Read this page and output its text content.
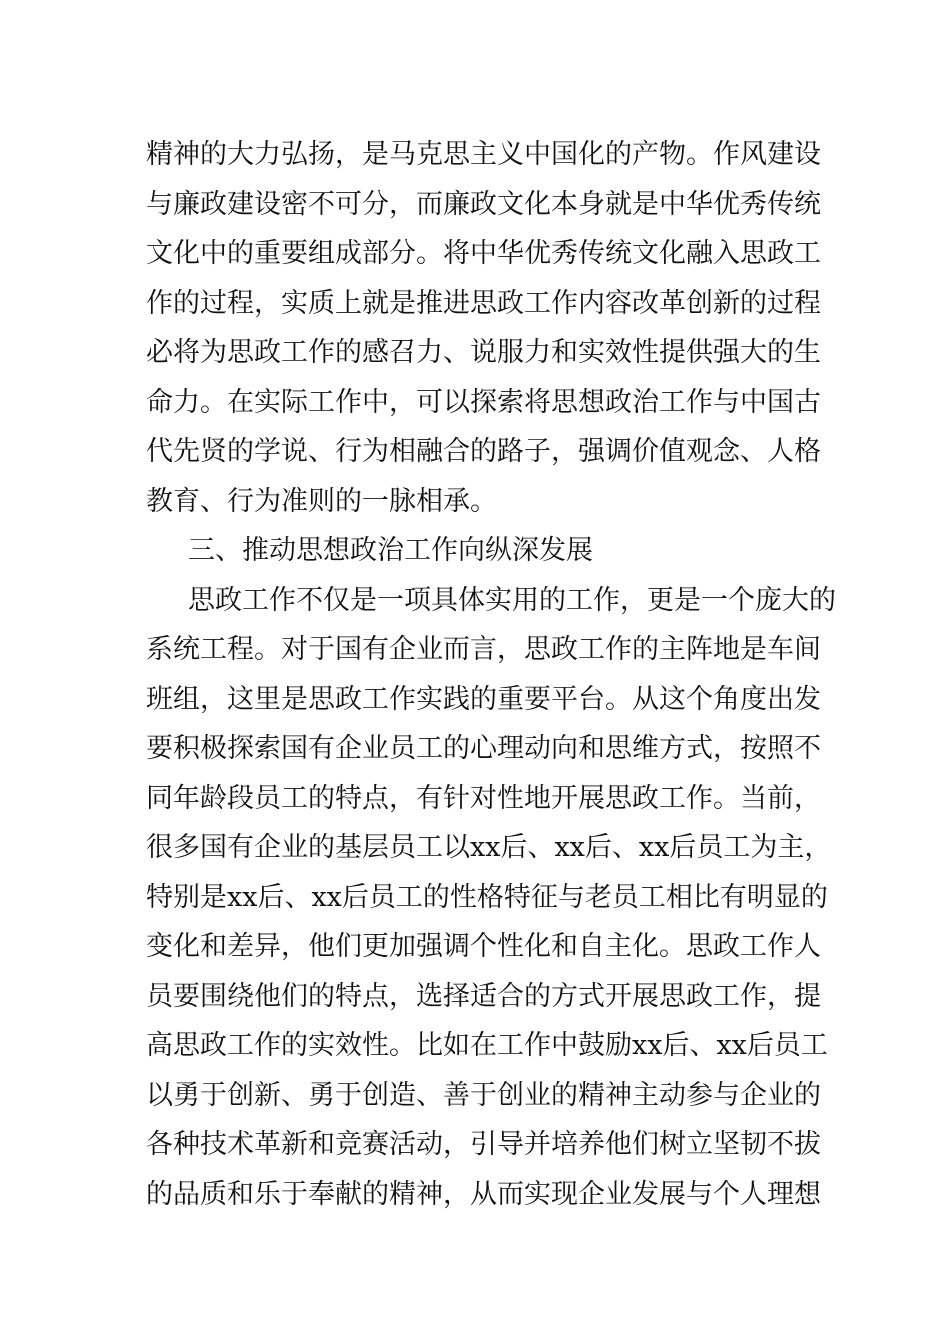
精神的大力弘扬，是马克思主义中国化的产物。作风建设
与廉政建设密不可分，而廉政文化本身就是中华优秀传统
文化中的重要组成部分。将中华优秀传统文化融入思政工
作的过程，实质上就是推进思政工作内容改革创新的过程
必将为思政工作的感召力、说服力和实效性提供强大的生
命力。在实际工作中，可以探索将思想政治工作与中国古
代先贤的学说、行为相融合的路子，强调价值观念、人格
教育、行为准则的一脉相承。
三、推动思想政治工作向纵深发展
思政工作不仅是一项具体实用的工作，更是一个庞大的
系统工程。对于国有企业而言，思政工作的主阵地是车间
班组，这里是思政工作实践的重要平台。从这个角度出发
要积极探索国有企业员工的心理动向和思维方式，按照不
同年龄段员工的特点，有针对性地开展思政工作。当前，
很多国有企业的基层员工以xx后、xx后、xx后员工为主，
特别是xx后、xx后员工的性格特征与老员工相比有明显的
变化和差异，他们更加强调个性化和自主化。思政工作人
员要围绕他们的特点，选择适合的方式开展思政工作，提
高思政工作的实效性。比如在工作中鼓励xx后、xx后员工
以勇于创新、勇于创造、善于创业的精神主动参与企业的
各种技术革新和竞赛活动，引导并培养他们树立坚韧不拔
的品质和乐于奉献的精神，从而实现企业发展与个人理想
